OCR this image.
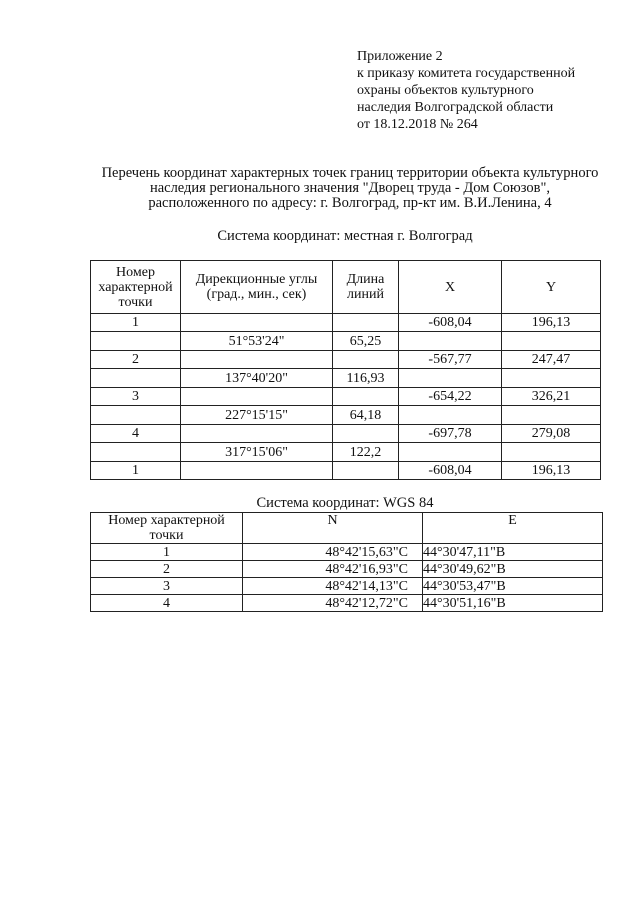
Приложение 2
к приказу комитета государственной
охраны объектов культурного
наследия Волгоградской области
от 18.12.2018 № 264
Перечень координат характерных точек границ территории объекта культурного
наследия регионального значения "Дворец труда - Дом Союзов",
расположенного по адресу: г. Волгоград, пр-кт им. В.И.Ленина, 4
Система координат: местная г. Волгоград
Номер характерной точки	Дирекционные углы (град., мин., сек)	Длина линий	X	Y
1			-608,04	196,13
	51°53'24"	65,25		
2			-567,77	247,47
	137°40'20"	116,93		
3			-654,22	326,21
	227°15'15"	64,18		
4			-697,78	279,08
	317°15'06"	122,2		
1			-608,04	196,13
Система координат: WGS 84
Номер характерной точки	N	E
1	48°42'15,63"С	44°30'47,11"В
2	48°42'16,93"С	44°30'49,62"В
3	48°42'14,13"С	44°30'53,47"В
4	48°42'12,72"С	44°30'51,16"В
